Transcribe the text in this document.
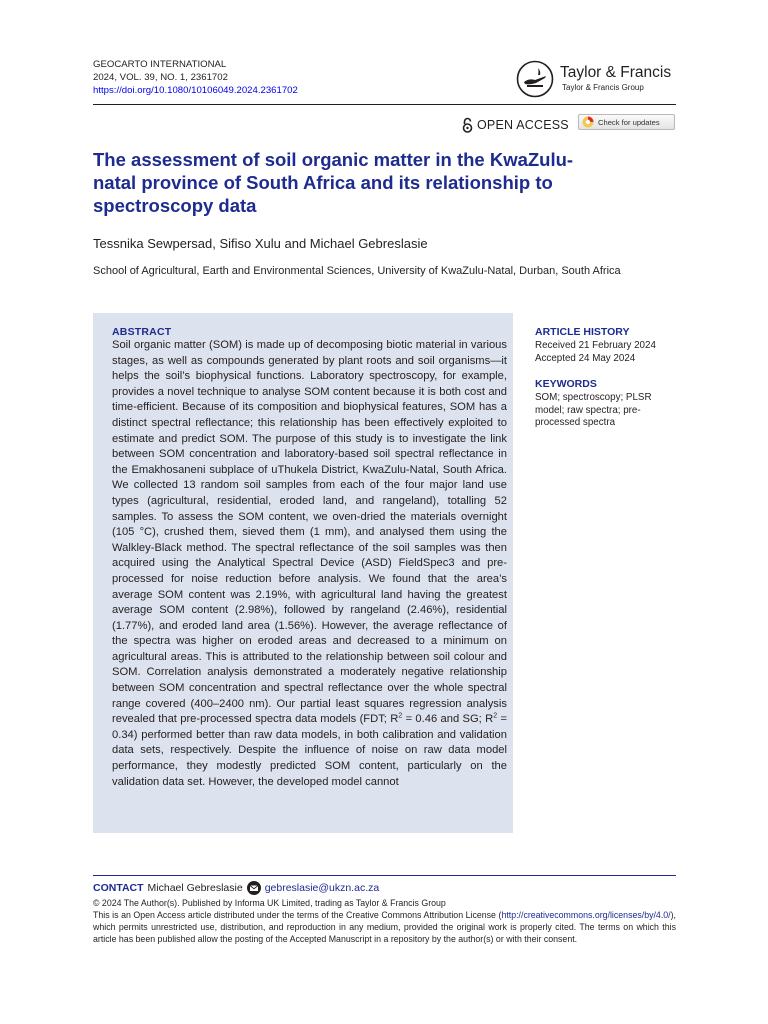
GEOCARTO INTERNATIONAL
2024, VOL. 39, NO. 1, 2361702
https://doi.org/10.1080/10106049.2024.2361702
Taylor & Francis
Taylor & Francis Group
OPEN ACCESS	Check for updates
The assessment of soil organic matter in the KwaZulu-natal province of South Africa and its relationship to spectroscopy data
Tessnika Sewpersad, Sifiso Xulu and Michael Gebreslasie
School of Agricultural, Earth and Environmental Sciences, University of KwaZulu-Natal, Durban, South Africa
ABSTRACT

Soil organic matter (SOM) is made up of decomposing biotic material in various stages, as well as compounds generated by plant roots and soil organisms—it helps the soil’s biophysical functions. Laboratory spectroscopy, for example, provides a novel technique to analyse SOM content because it is both cost and time-efficient. Because of its composition and biophysical features, SOM has a distinct spectral reflectance; this relationship has been effectively exploited to estimate and predict SOM. The purpose of this study is to investigate the link between SOM concentration and laboratory-based soil spectral reflectance in the Emakhosaneni subplace of uThukela District, KwaZulu-Natal, South Africa. We collected 13 random soil samples from each of the four major land use types (agricultural, residential, eroded land, and rangeland), totalling 52 samples. To assess the SOM content, we oven-dried the materials overnight (105 °C), crushed them, sieved them (1 mm), and analysed them using the Walkley-Black method. The spectral reflectance of the soil samples was then acquired using the Analytical Spectral Device (ASD) FieldSpec3 and pre-processed for noise reduction before analysis. We found that the area’s average SOM content was 2.19%, with agricultural land having the greatest average SOM content (2.98%), followed by rangeland (2.46%), residential (1.77%), and eroded land area (1.56%). However, the average reflectance of the spectra was higher on eroded areas and decreased to a minimum on agricultural areas. This is attributed to the relationship between soil colour and SOM. Correlation analysis demonstrated a moderately negative relationship between SOM concentration and spectral reflectance over the whole spectral range covered (400–2400 nm). Our partial least squares regression analysis revealed that pre-processed spectra data models (FDT; $R^2 = 0.46$ and SG; $R^2 = 0.34$) performed better than raw data models, in both calibration and validation data sets, respectively. Despite the influence of noise on raw data model performance, they modestly predicted SOM content, particularly on the validation data set. However, the developed model cannot

ARTICLE HISTORY
Received 21 February 2024
Accepted 24 May 2024
KEYWORDS
SOM; spectroscopy; PLSR model; raw spectra; pre-processed spectra
CONTACT Michael Gebreslasie gebreslasie@ukzn.ac.za

© 2024 The Author(s). Published by Informa UK Limited, trading as Taylor & Francis Group

This is an Open Access article distributed under the terms of the Creative Commons Attribution License (http://creativecommons.org/licenses/by/4.0/), which permits unrestricted use, distribution, and reproduction in any medium, provided the original work is properly cited. The terms on which this article has been published allow the posting of the Accepted Manuscript in a repository by the author(s) or with their consent.
